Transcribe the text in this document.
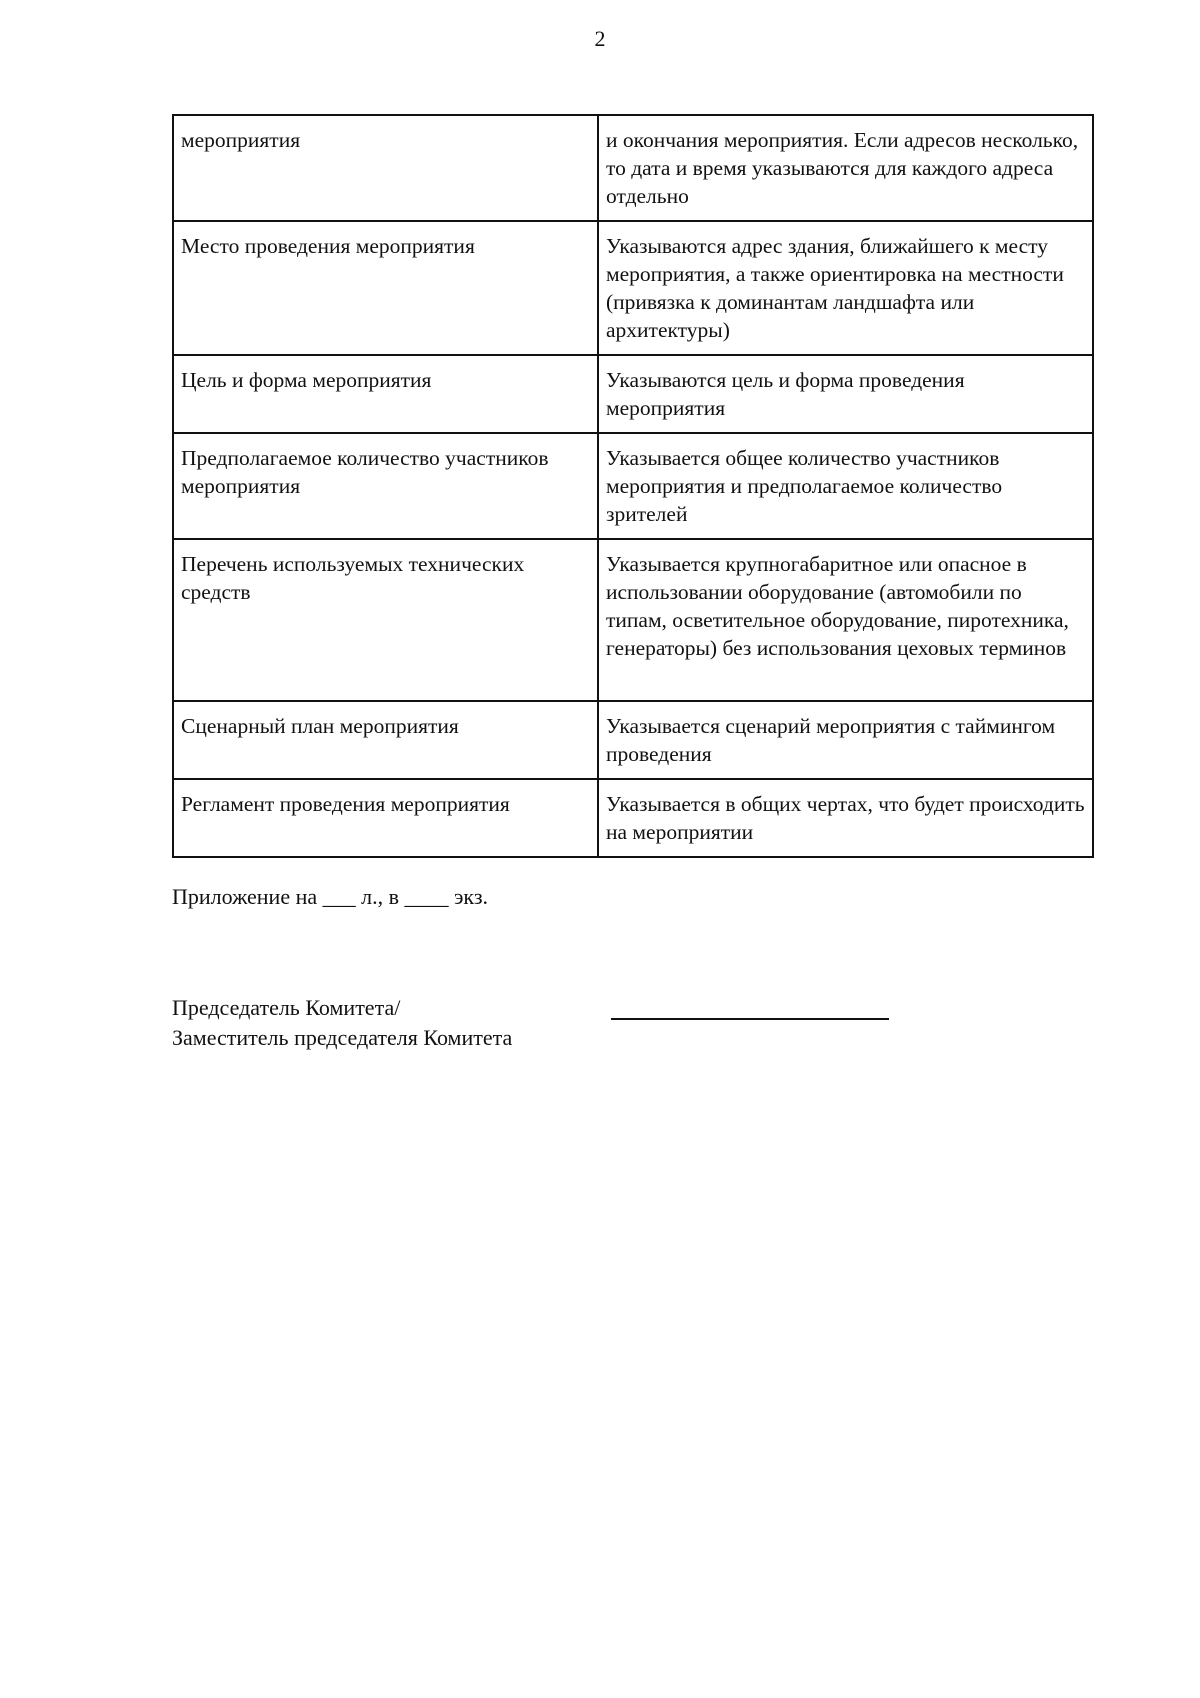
2
мероприятия	и окончания мероприятия. Если адресов несколько, то дата и время указываются для каждого адреса отдельно
Место проведения мероприятия	Указываются адрес здания, ближайшего к месту мероприятия, а также ориентировка на местности (привязка к доминантам ландшафта или архитектуры)
Цель и форма мероприятия	Указываются цель и форма проведения мероприятия
Предполагаемое количество участников мероприятия	Указывается общее количество участников мероприятия и предполагаемое количество зрителей
Перечень используемых технических средств	Указывается крупногабаритное или опасное в использовании оборудование (автомобили по типам, осветительное оборудование, пиротехника, генераторы) без использования цеховых терминов
Сценарный план мероприятия	Указывается сценарий мероприятия с таймингом проведения
Регламент проведения мероприятия	Указывается в общих чертах, что будет происходить на мероприятии
Приложение на ___ л., в ____ экз.
Председатель Комитета/
Заместитель председателя Комитета
